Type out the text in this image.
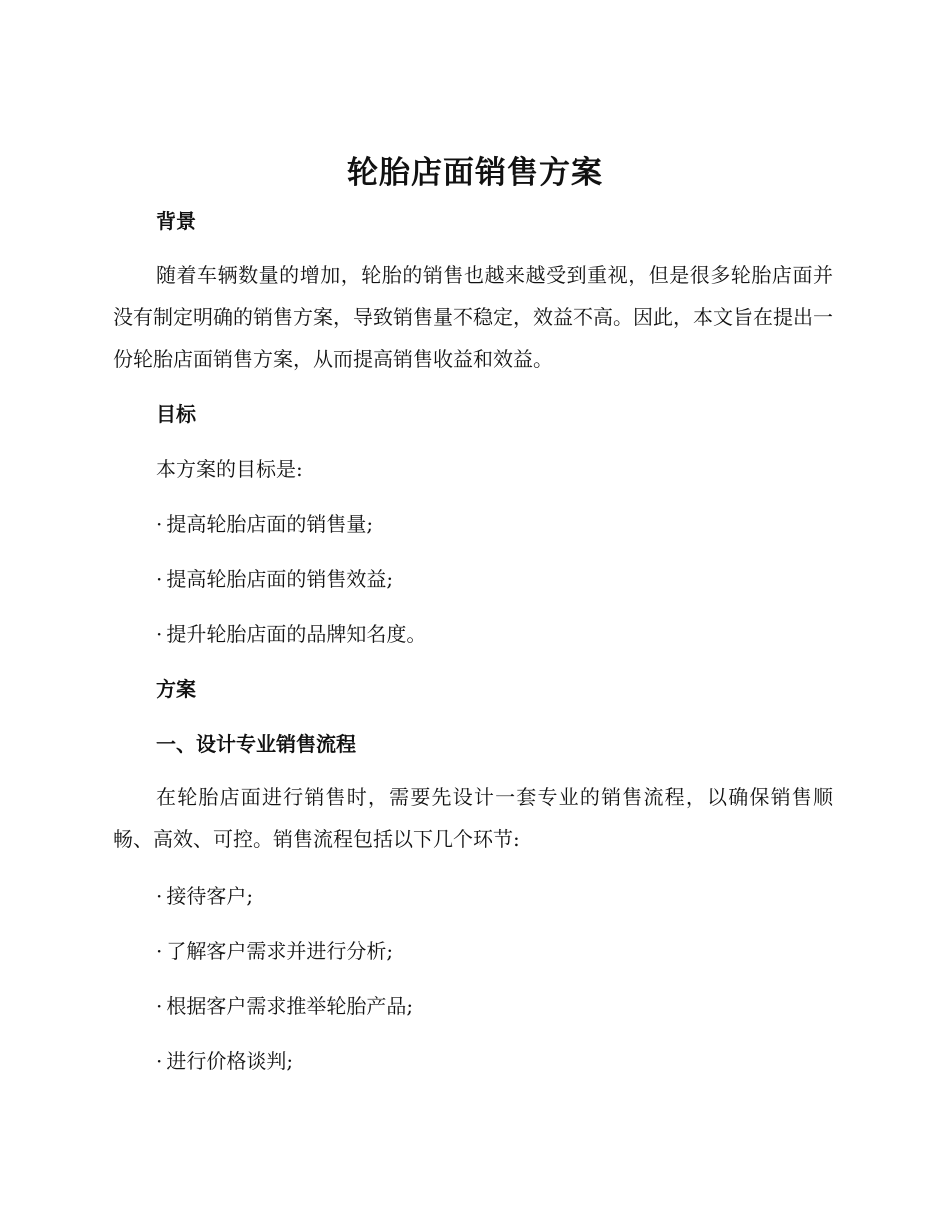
轮胎店面销售方案
背景
随着车辆数量的增加，轮胎的销售也越来越受到重视，但是很多轮胎店面并没有制定明确的销售方案，导致销售量不稳定，效益不高。因此，本文旨在提出一份轮胎店面销售方案，从而提高销售收益和效益。
目标
本方案的目标是:
· 提高轮胎店面的销售量;
· 提高轮胎店面的销售效益;
· 提升轮胎店面的品牌知名度。
方案
一、设计专业销售流程
在轮胎店面进行销售时，需要先设计一套专业的销售流程，以确保销售顺畅、高效、可控。销售流程包括以下几个环节:
· 接待客户;
· 了解客户需求并进行分析;
· 根据客户需求推举轮胎产品;
· 进行价格谈判;
